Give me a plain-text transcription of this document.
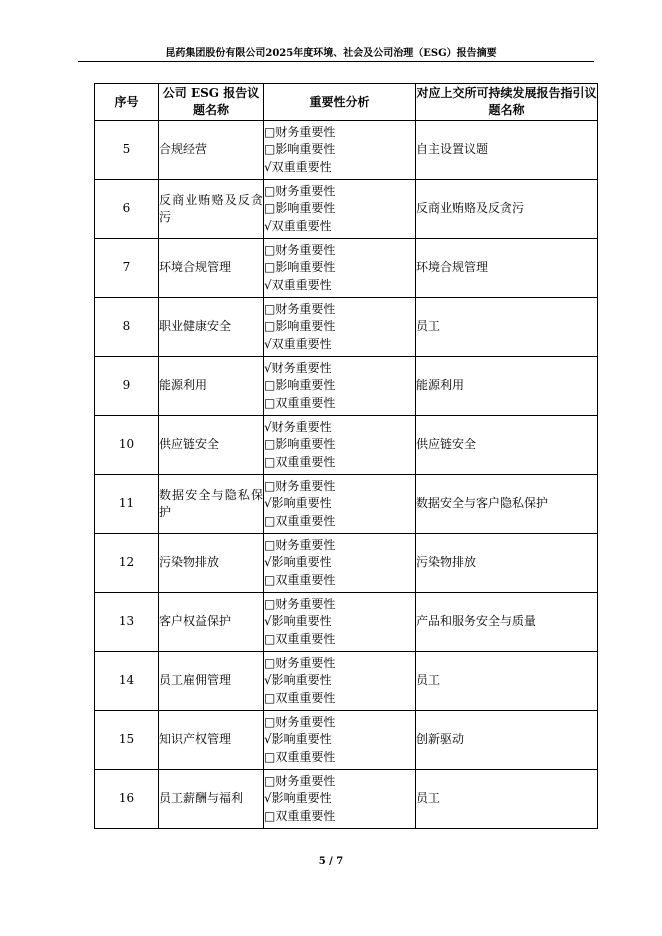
昆药集团股份有限公司2025年度环境、社会及公司治理（ESG）报告摘要
序号	公司 ESG 报告议题名称	重要性分析	对应上交所可持续发展报告指引议题名称
5	合规经营	□财务重要性
□影响重要性
√双重重要性	自主设置议题
6	反商业贿赂及反贪污	□财务重要性
□影响重要性
√双重重要性	反商业贿赂及反贪污
7	环境合规管理	□财务重要性
□影响重要性
√双重重要性	环境合规管理
8	职业健康安全	□财务重要性
□影响重要性
√双重重要性	员工
9	能源利用	√财务重要性
□影响重要性
□双重重要性	能源利用
10	供应链安全	√财务重要性
□影响重要性
□双重重要性	供应链安全
11	数据安全与隐私保护	□财务重要性
√影响重要性
□双重重要性	数据安全与客户隐私保护
12	污染物排放	□财务重要性
√影响重要性
□双重重要性	污染物排放
13	客户权益保护	□财务重要性
√影响重要性
□双重重要性	产品和服务安全与质量
14	员工雇佣管理	□财务重要性
√影响重要性
□双重重要性	员工
15	知识产权管理	□财务重要性
√影响重要性
□双重重要性	创新驱动
16	员工薪酬与福利	□财务重要性
√影响重要性
□双重重要性	员工
5 / 7
